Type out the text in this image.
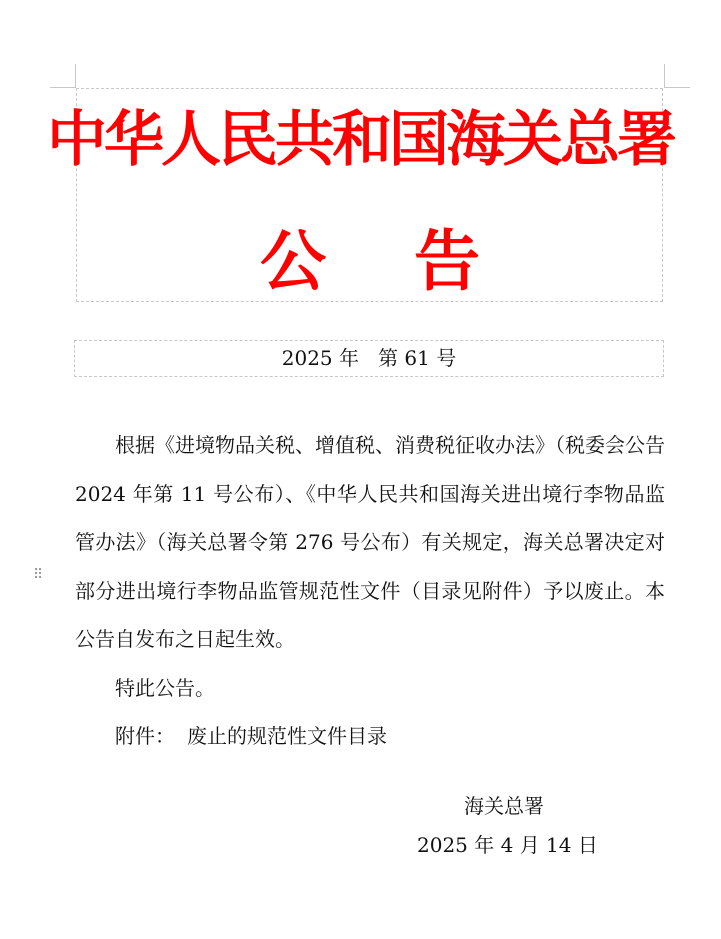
中华人民共和国海关总署
公 告
2025 年   第 61 号
⠿

根据《进境物品关税、增值税、消费税征收办法》（税委会公告 2024 年第 11 号公布）、《中华人民共和国海关进出境行李物品监管办法》（海关总署令第 276 号公布）有关规定，海关总署决定对部分进出境行李物品监管规范性文件（目录见附件）予以废止。本公告自发布之日起生效。

特此公告。

附件： 废止的规范性文件目录

海关总署
2025 年 4 月 14 日
